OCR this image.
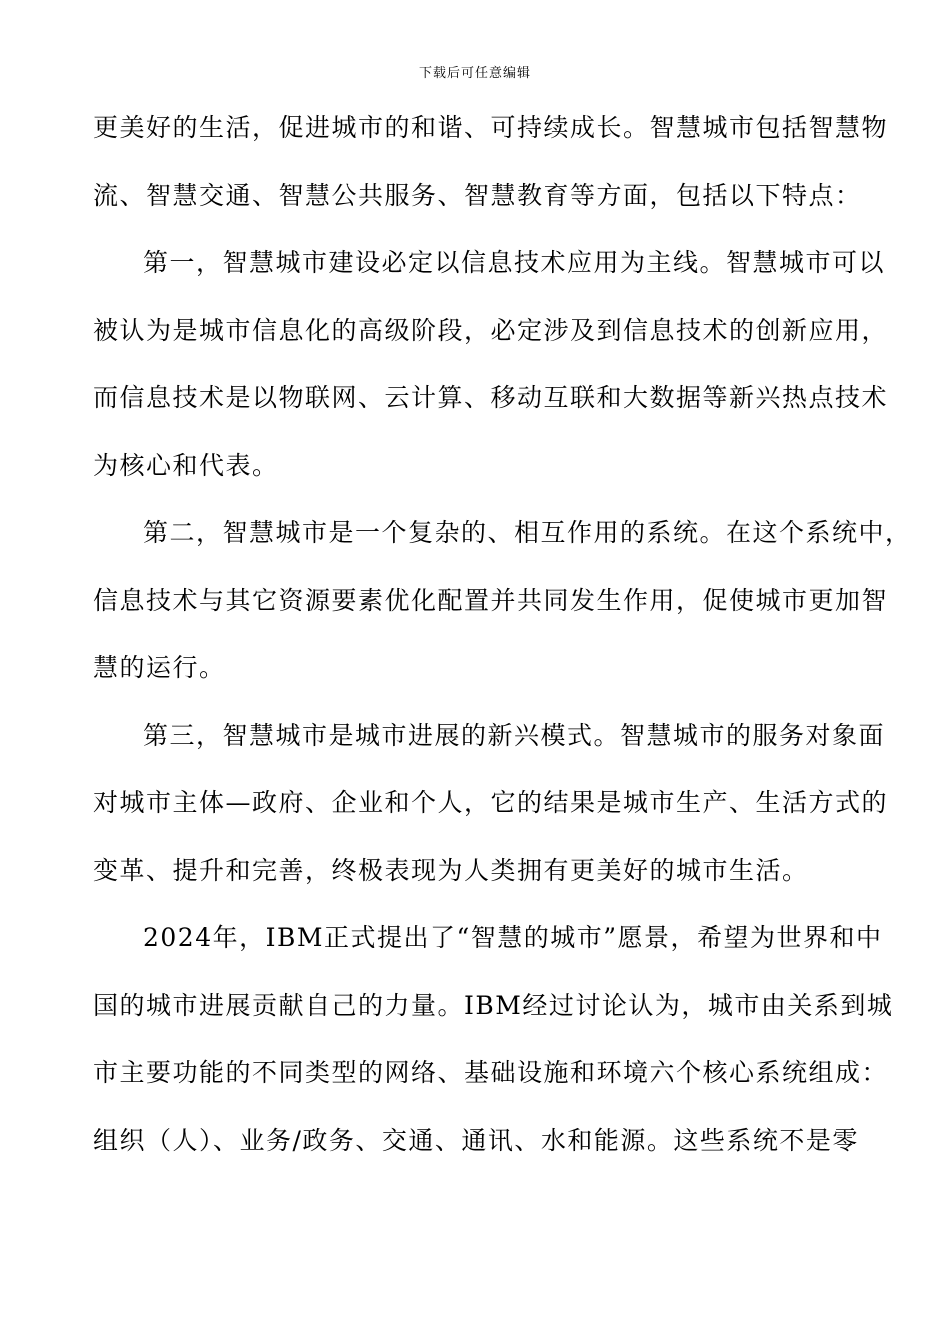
下载后可任意编辑
更美好的生活，促进城市的和谐、可持续成长。智慧城市包括智慧物
流、智慧交通、智慧公共服务、智慧教育等方面，包括以下特点：
第一，智慧城市建设必定以信息技术应用为主线。智慧城市可以
被认为是城市信息化的高级阶段，必定涉及到信息技术的创新应用，
而信息技术是以物联网、云计算、移动互联和大数据等新兴热点技术
为核心和代表。
第二，智慧城市是一个复杂的、相互作用的系统。在这个系统中，
信息技术与其它资源要素优化配置并共同发生作用，促使城市更加智
慧的运行。
第三，智慧城市是城市进展的新兴模式。智慧城市的服务对象面
对城市主体—政府、企业和个人，它的结果是城市生产、生活方式的
变革、提升和完善，终极表现为人类拥有更美好的城市生活。
2024年，IBM正式提出了“智慧的城市”愿景，希望为世界和中
国的城市进展贡献自己的力量。IBM经过讨论认为，城市由关系到城
市主要功能的不同类型的网络、基础设施和环境六个核心系统组成：
组织（人）、业务/政务、交通、通讯、水和能源。这些系统不是零
